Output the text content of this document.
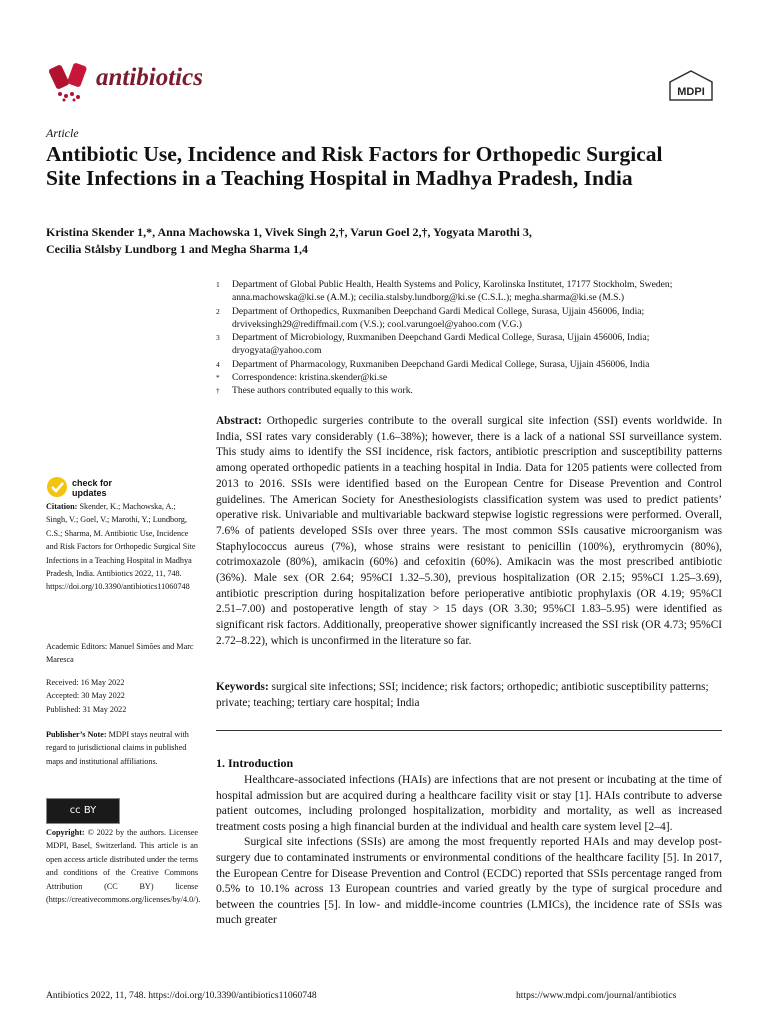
antibiotics
MDPI
Article
Antibiotic Use, Incidence and Risk Factors for Orthopedic Surgical Site Infections in a Teaching Hospital in Madhya Pradesh, India
Kristina Skender 1,*, Anna Machowska 1, Vivek Singh 2,†, Varun Goel 2,†, Yogyata Marothi 3,
Cecilia Stålsby Lundborg 1 and Megha Sharma 1,4
1	Department of Global Public Health, Health Systems and Policy, Karolinska Institutet, 17177 Stockholm, Sweden; anna.machowska@ki.se (A.M.); cecilia.stalsby.lundborg@ki.se (C.S.L.); megha.sharma@ki.se (M.S.)
2	Department of Orthopedics, Ruxmaniben Deepchand Gardi Medical College, Surasa, Ujjain 456006, India; drviveksingh29@rediffmail.com (V.S.); cool.varungoel@yahoo.com (V.G.)
3	Department of Microbiology, Ruxmaniben Deepchand Gardi Medical College, Surasa, Ujjain 456006, India; dryogyata@yahoo.com
4	Department of Pharmacology, Ruxmaniben Deepchand Gardi Medical College, Surasa, Ujjain 456006, India
*	Correspondence: kristina.skender@ki.se
†	These authors contributed equally to this work.
check for updates
Citation: Skender, K.; Machowska, A.; Singh, V.; Goel, V.; Marothi, Y.; Lundborg, C.S.; Sharma, M. Antibiotic Use, Incidence and Risk Factors for Orthopedic Surgical Site Infections in a Teaching Hospital in Madhya Pradesh, India. Antibiotics 2022, 11, 748. https://doi.org/10.3390/antibiotics11060748
Academic Editors: Manuel Simões and Marc Maresca
Received: 16 May 2022
Accepted: 30 May 2022
Published: 31 May 2022
Publisher’s Note: MDPI stays neutral with regard to jurisdictional claims in published maps and institutional affiliations.
cc BY
Copyright: © 2022 by the authors. Licensee MDPI, Basel, Switzerland. This article is an open access article distributed under the terms and conditions of the Creative Commons Attribution (CC BY) license (https://creativecommons.org/licenses/by/4.0/).
Abstract: Orthopedic surgeries contribute to the overall surgical site infection (SSI) events worldwide. In India, SSI rates vary considerably (1.6–38%); however, there is a lack of a national SSI surveillance system. This study aims to identify the SSI incidence, risk factors, antibiotic prescription and susceptibility patterns among operated orthopedic patients in a teaching hospital in India. Data for 1205 patients were collected from 2013 to 2016. SSIs were identified based on the European Centre for Disease Prevention and Control guidelines. The American Society for Anesthesiologists classification system was used to predict patients’ operative risk. Univariable and multivariable backward stepwise logistic regressions were performed. Overall, 7.6% of patients developed SSIs over three years. The most common SSIs causative microorganism was Staphylococcus aureus (7%), whose strains were resistant to penicillin (100%), erythromycin (80%), cotrimoxazole (80%), amikacin (60%) and cefoxitin (60%). Amikacin was the most prescribed antibiotic (36%). Male sex (OR 2.64; 95%CI 1.32–5.30), previous hospitalization (OR 2.15; 95%CI 1.25–3.69), antibiotic prescription during hospitalization before perioperative antibiotic prophylaxis (OR 4.19; 95%CI 2.51–7.00) and postoperative length of stay > 15 days (OR 3.30; 95%CI 1.83–5.95) were identified as significant risk factors. Additionally, preoperative shower significantly increased the SSI risk (OR 4.73; 95%CI 2.72–8.22), which is unconfirmed in the literature so far.
Keywords: surgical site infections; SSI; incidence; risk factors; orthopedic; antibiotic susceptibility patterns; private; teaching; tertiary care hospital; India
1. Introduction

Healthcare-associated infections (HAIs) are infections that are not present or incubating at the time of hospital admission but are acquired during a healthcare facility visit or stay [1]. HAIs contribute to adverse patient outcomes, including prolonged hospitalization, morbidity and mortality, as well as increased treatment costs posing a high financial burden at the individual and health care system level [2–4].

Surgical site infections (SSIs) are among the most frequently reported HAIs and may develop post-surgery due to contaminated instruments or environmental conditions of the healthcare facility [5]. In 2017, the European Centre for Disease Prevention and Control (ECDC) reported that SSIs percentage ranged from 0.5% to 10.1% across 13 European countries and varied greatly by the type of surgical procedure and between the countries [5]. In low- and middle-income countries (LMICs), the incidence rate of SSIs was much greater

Antibiotics 2022, 11, 748. https://doi.org/10.3390/antibiotics11060748	https://www.mdpi.com/journal/antibiotics
